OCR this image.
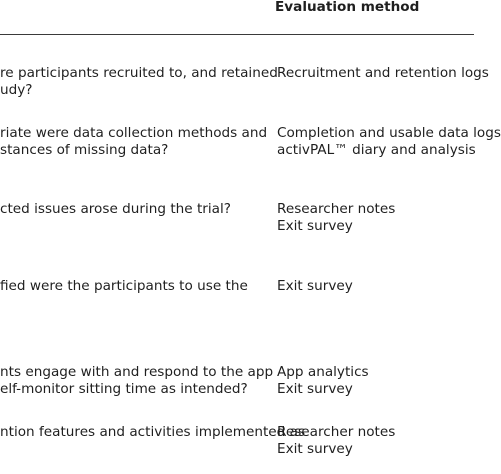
Evaluation method
re participants recruited to, and retained
udy?
Recruitment and retention logs
riate were data collection methods and
stances of missing data?
Completion and usable data logs
activPAL™ diary and analysis
cted issues arose during the trial?	Researcher notes
Exit survey
fied were the participants to use the	Exit survey
nts engage with and respond to the app
elf-monitor sitting time as intended?
App analytics
Exit survey
ntion features and activities implemented as
Researcher notes
Exit survey
